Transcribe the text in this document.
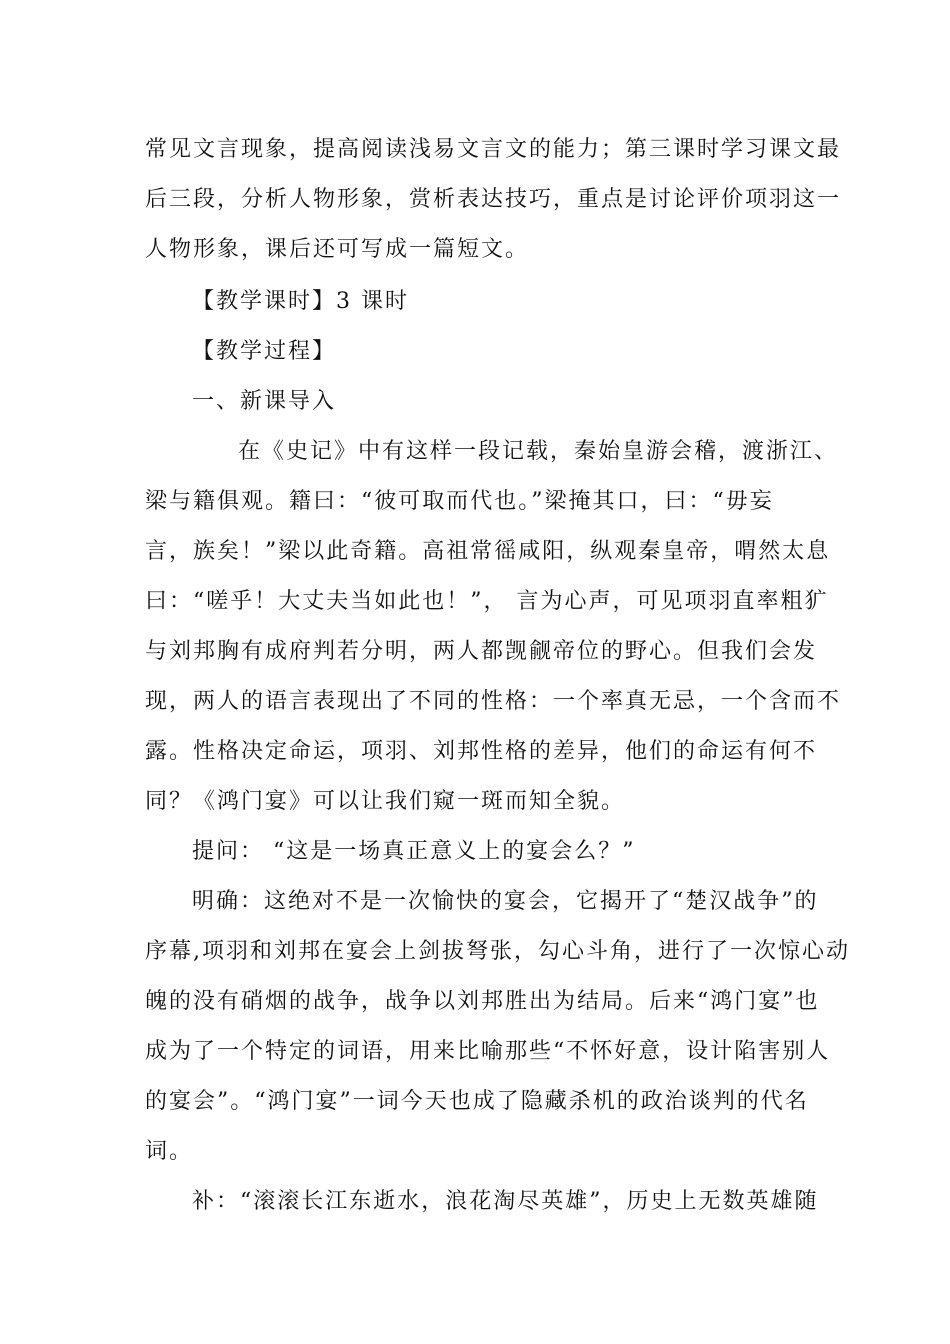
常见文言现象，提高阅读浅易文言文的能力；第三课时学习课文最
后三段，分析人物形象，赏析表达技巧，重点是讨论评价项羽这一
人物形象，课后还可写成一篇短文。
【教学课时】3 课时
【教学过程】
一、新课导入
在《史记》中有这样一段记载，秦始皇游会稽，渡浙江、
梁与籍俱观。籍曰：“彼可取而代也。”梁掩其口，曰：“毋妄
言，族矣！”梁以此奇籍。高祖常徭咸阳，纵观秦皇帝，喟然太息
曰：“嗟乎！大丈夫当如此也！”， 言为心声，可见项羽直率粗犷
与刘邦胸有成府判若分明，两人都觊觎帝位的野心。但我们会发
现，两人的语言表现出了不同的性格：一个率真无忌，一个含而不
露。性格决定命运，项羽、刘邦性格的差异，他们的命运有何不
同？《鸿门宴》可以让我们窥一斑而知全貌。
提问： “这是一场真正意义上的宴会么？”
明确：这绝对不是一次愉快的宴会，它揭开了“楚汉战争”的
序幕,项羽和刘邦在宴会上剑拔弩张，勾心斗角，进行了一次惊心动
魄的没有硝烟的战争，战争以刘邦胜出为结局。后来“鸿门宴”也
成为了一个特定的词语，用来比喻那些“不怀好意，设计陷害别人
的宴会”。“鸿门宴”一词今天也成了隐藏杀机的政治谈判的代名
词。
补：“滚滚长江东逝水，浪花淘尽英雄”，历史上无数英雄随
